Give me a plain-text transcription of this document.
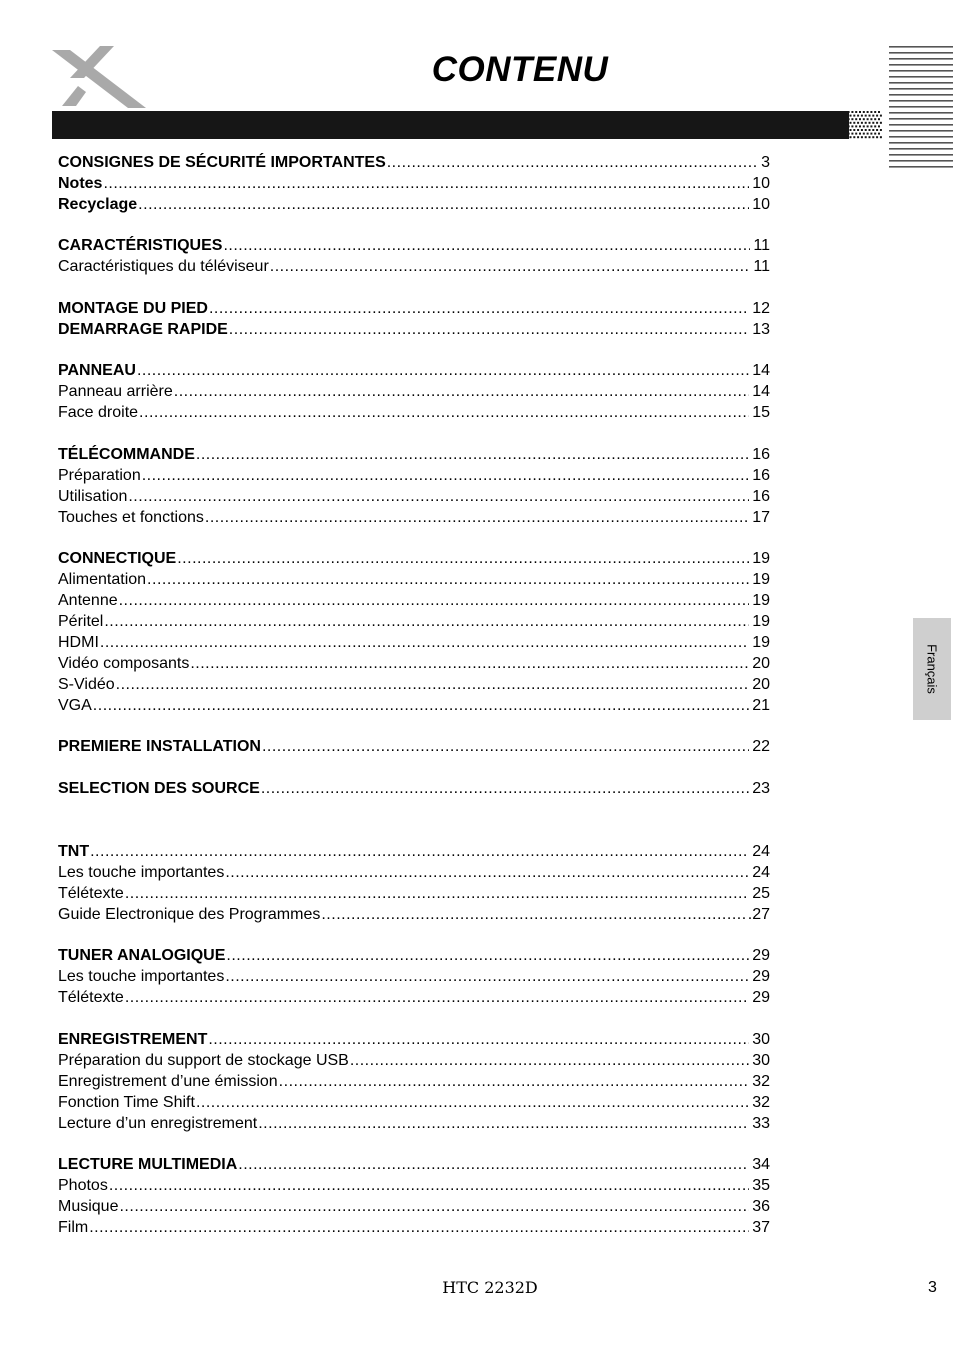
CONTENU
Français
CONSIGNES DE SÉCURITÉ IMPORTANTES .....	3
Notes .....	10
Recyclage .....	10
CARACTÉRISTIQUES .....	11
Caractéristiques du téléviseur .....	11
MONTAGE DU PIED .....	12
DEMARRAGE RAPIDE .....	13
PANNEAU .....	14
Panneau arrière .....	14
Face droite .....	15
TÉLÉCOMMANDE .....	16
Préparation .....	16
Utilisation .....	16
Touches et fonctions .....	17
CONNECTIQUE .....	19
Alimentation .....	19
Antenne .....	19
Péritel .....	19
HDMI .....	19
Vidéo composants .....	20
S-Vidéo .....	20
VGA .....	21
PREMIERE INSTALLATION .....	22
SELECTION DES SOURCE .....	23
TNT .....	24
Les touche importantes .....	24
Télétexte .....	25
Guide Electronique des Programmes .....	.27
TUNER ANALOGIQUE .....	29
Les touche importantes .....	29
Télétexte .....	29
ENREGISTREMENT .....	30
Préparation du support de stockage USB .....	30
Enregistrement d’une émission .....	32
Fonction Time Shift .....	32
Lecture d’un enregistrement .....	33
LECTURE MULTIMEDIA .....	34
Photos .....	35
Musique .....	36
Film .....	37
HTC 2232D	3
